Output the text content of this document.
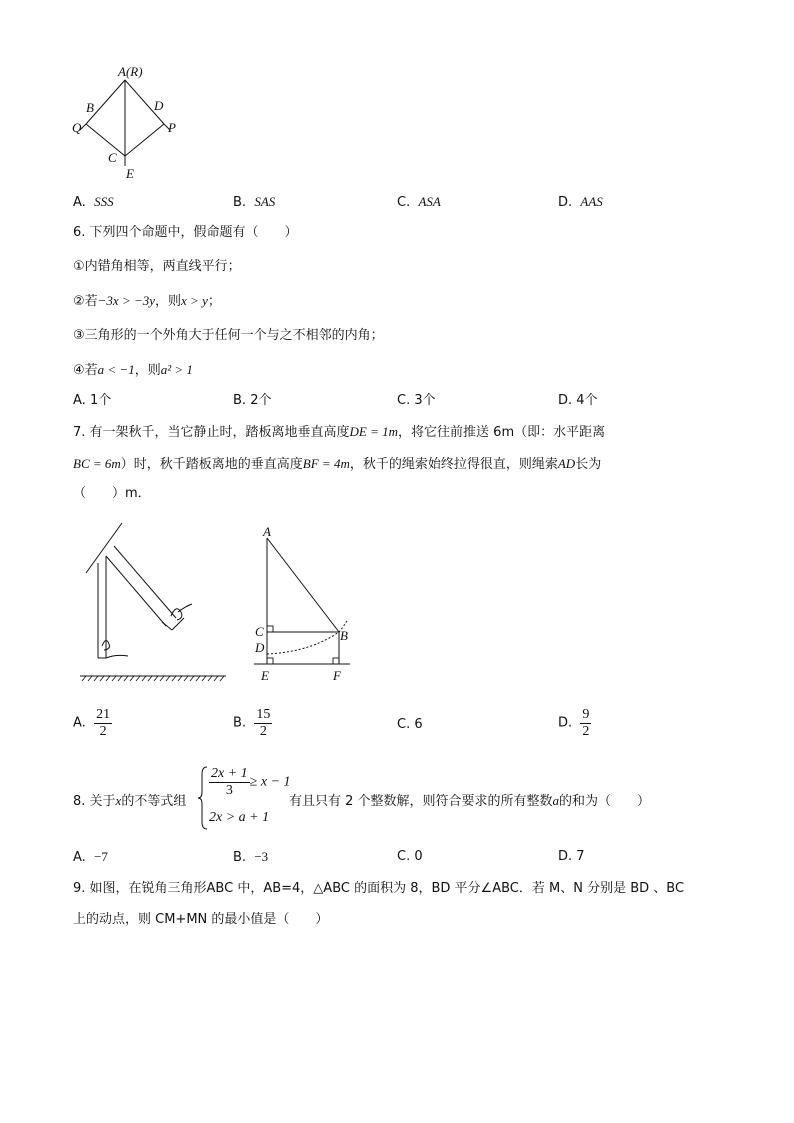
A(R)
B	D
Q	P
C
E
A. SSS	B. SAS	C. ASA	D. AAS
6. 下列四个命题中，假命题有（　　）
①内错角相等，两直线平行；
②若−3x > −3y，则x > y；
③三角形的一个外角大于任何一个与之不相邻的内角；
④若a < −1，则a² > 1
A. 1个	B. 2个	C. 3个	D. 4个
7. 有一架秋千，当它静止时，踏板离地垂直高度DE = 1m，将它往前推送 6m（即：水平距离
BC = 6m）时，秋千踏板离地的垂直高度BF = 4m，秋千的绳索始终拉得很直，则绳索AD长为
（　　）m．
A
C	B
D
E	F
A. $\frac{21}{2}$	B. $\frac{15}{2}$	C. 6	D. $\frac{9}{2}$
8. 关于x的不等式组
$\frac{2x + 1}{3} \ge x - 1$
2x > a + 1
有且只有 2 个整数解，则符合要求的所有整数a的和为（　　）
A. −7	B. −3	C. 0	D. 7
9. 如图，在锐角三角形ABC 中，AB=4，△ABC 的面积为 8，BD 平分∠ABC．若 M、N 分别是 BD 、BC
上的动点，则 CM+MN 的最小值是（　　）
